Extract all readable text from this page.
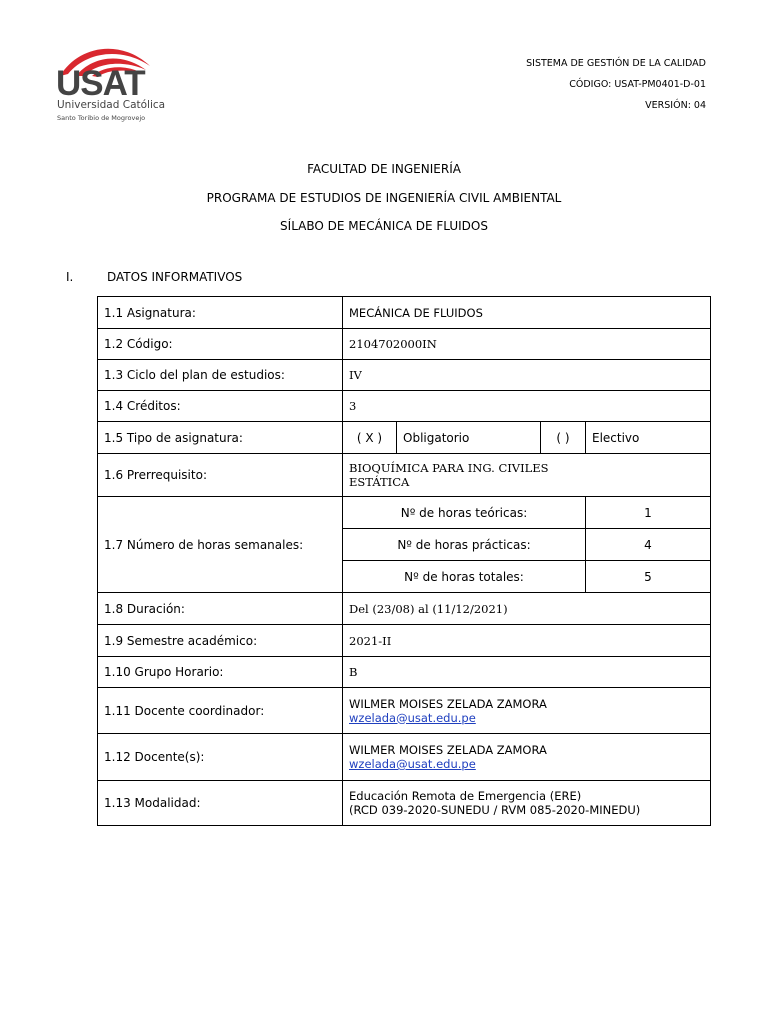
USAT
Universidad Católica
Santo Toribio de Mogrovejo
SISTEMA DE GESTIÓN DE LA CALIDAD
CÓDIGO: USAT-PM0401-D-01
VERSIÓN: 04
FACULTAD DE INGENIERÍA
PROGRAMA DE ESTUDIOS DE INGENIERÍA CIVIL AMBIENTAL
SÍLABO DE MECÁNICA DE FLUIDOS
I.	DATOS INFORMATIVOS
1.1 Asignatura:	MECÁNICA DE FLUIDOS			
1.2 Código:	2104702000IN			
1.3 Ciclo del plan de estudios:	IV			
1.4 Créditos:	3			
1.5 Tipo de asignatura:	( X )	Obligatorio	( )	Electivo
1.6 Prerrequisito:	BIOQUÍMICA PARA ING. CIVILES
ESTÁTICA			

1.7 Número de horas semanales:	Nº de horas teóricas:			1
	Nº de horas prácticas:			4
	Nº de horas totales:			5
1.8 Duración:	Del (23/08) al (11/12/2021)			
1.9 Semestre académico:	2021-II			
1.10 Grupo Horario:	B			
1.11 Docente coordinador:	WILMER MOISES ZELADA ZAMORA
wzelada@usat.edu.pe			

1.12 Docente(s):	WILMER MOISES ZELADA ZAMORA
wzelada@usat.edu.pe			

1.13 Modalidad:	Educación Remota de Emergencia (ERE)
(RCD 039-2020-SUNEDU / RVM 085-2020-MINEDU)			
